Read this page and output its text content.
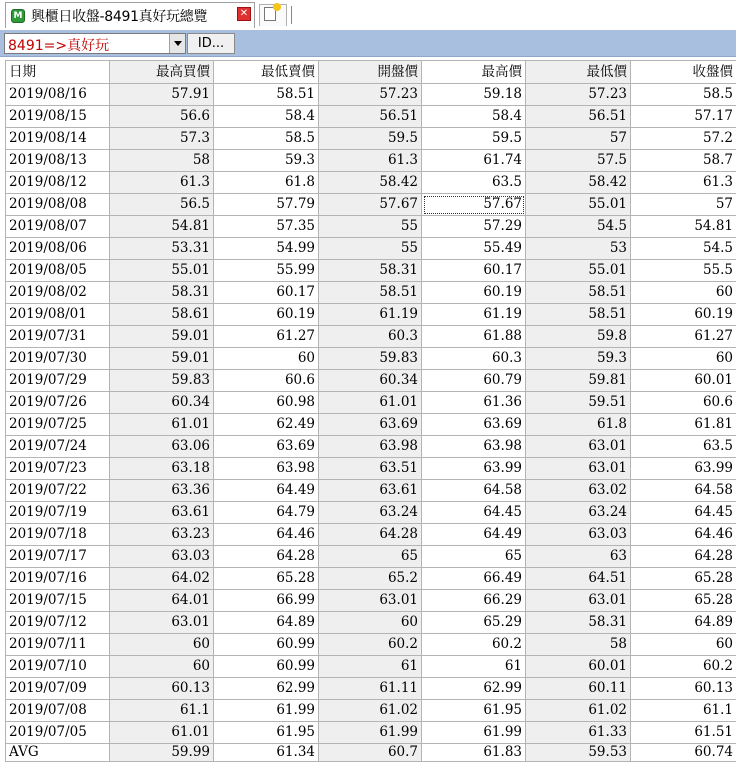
M 興櫃日收盤-8491真好玩總覽	✕
8491=>真好玩	ID...
日期	最高買價	最低賣價	開盤價	最高價	最低價	收盤價
2019/08/16	57.91	58.51	57.23	59.18	57.23	58.5
2019/08/15	56.6	58.4	56.51	58.4	56.51	57.17
2019/08/14	57.3	58.5	59.5	59.5	57	57.2
2019/08/13	58	59.3	61.3	61.74	57.5	58.7
2019/08/12	61.3	61.8	58.42	63.5	58.42	61.3
2019/08/08	56.5	57.79	57.67	57.67	55.01	57
2019/08/07	54.81	57.35	55	57.29	54.5	54.81
2019/08/06	53.31	54.99	55	55.49	53	54.5
2019/08/05	55.01	55.99	58.31	60.17	55.01	55.5
2019/08/02	58.31	60.17	58.51	60.19	58.51	60
2019/08/01	58.61	60.19	61.19	61.19	58.51	60.19
2019/07/31	59.01	61.27	60.3	61.88	59.8	61.27
2019/07/30	59.01	60	59.83	60.3	59.3	60
2019/07/29	59.83	60.6	60.34	60.79	59.81	60.01
2019/07/26	60.34	60.98	61.01	61.36	59.51	60.6
2019/07/25	61.01	62.49	63.69	63.69	61.8	61.81
2019/07/24	63.06	63.69	63.98	63.98	63.01	63.5
2019/07/23	63.18	63.98	63.51	63.99	63.01	63.99
2019/07/22	63.36	64.49	63.61	64.58	63.02	64.58
2019/07/19	63.61	64.79	63.24	64.45	63.24	64.45
2019/07/18	63.23	64.46	64.28	64.49	63.03	64.46
2019/07/17	63.03	64.28	65	65	63	64.28
2019/07/16	64.02	65.28	65.2	66.49	64.51	65.28
2019/07/15	64.01	66.99	63.01	66.29	63.01	65.28
2019/07/12	63.01	64.89	60	65.29	58.31	64.89
2019/07/11	60	60.99	60.2	60.2	58	60
2019/07/10	60	60.99	61	61	60.01	60.2
2019/07/09	60.13	62.99	61.11	62.99	60.11	60.13
2019/07/08	61.1	61.99	61.02	61.95	61.02	61.1
2019/07/05	61.01	61.95	61.99	61.99	61.33	61.51
AVG	59.99	61.34	60.7	61.83	59.53	60.74
